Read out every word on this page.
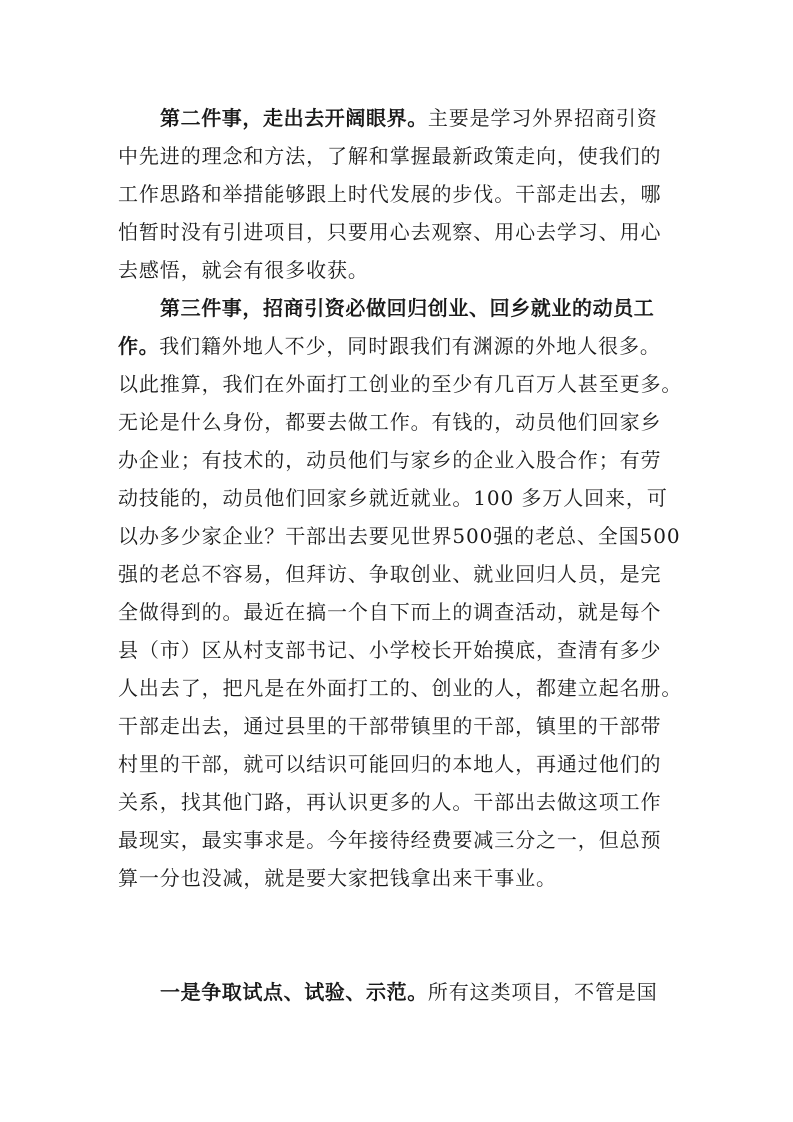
第二件事，走出去开阔眼界。主要是学习外界招商引资
中先进的理念和方法，了解和掌握最新政策走向，使我们的
工作思路和举措能够跟上时代发展的步伐。干部走出去，哪
怕暂时没有引进项目，只要用心去观察、用心去学习、用心
去感悟，就会有很多收获。
第三件事，招商引资必做回归创业、回乡就业的动员工
作。我们籍外地人不少，同时跟我们有渊源的外地人很多。
以此推算，我们在外面打工创业的至少有几百万人甚至更多。
无论是什么身份，都要去做工作。有钱的，动员他们回家乡
办企业；有技术的，动员他们与家乡的企业入股合作；有劳
动技能的，动员他们回家乡就近就业。100 多万人回来，可
以办多少家企业？干部出去要见世界500强的老总、全国500
强的老总不容易，但拜访、争取创业、就业回归人员，是完
全做得到的。最近在搞一个自下而上的调查活动，就是每个
县（市）区从村支部书记、小学校长开始摸底，查清有多少
人出去了，把凡是在外面打工的、创业的人，都建立起名册。
干部走出去，通过县里的干部带镇里的干部，镇里的干部带
村里的干部，就可以结识可能回归的本地人，再通过他们的
关系，找其他门路，再认识更多的人。干部出去做这项工作
最现实，最实事求是。今年接待经费要减三分之一，但总预
算一分也没减，就是要大家把钱拿出来干事业。
一是争取试点、试验、示范。所有这类项目，不管是国
